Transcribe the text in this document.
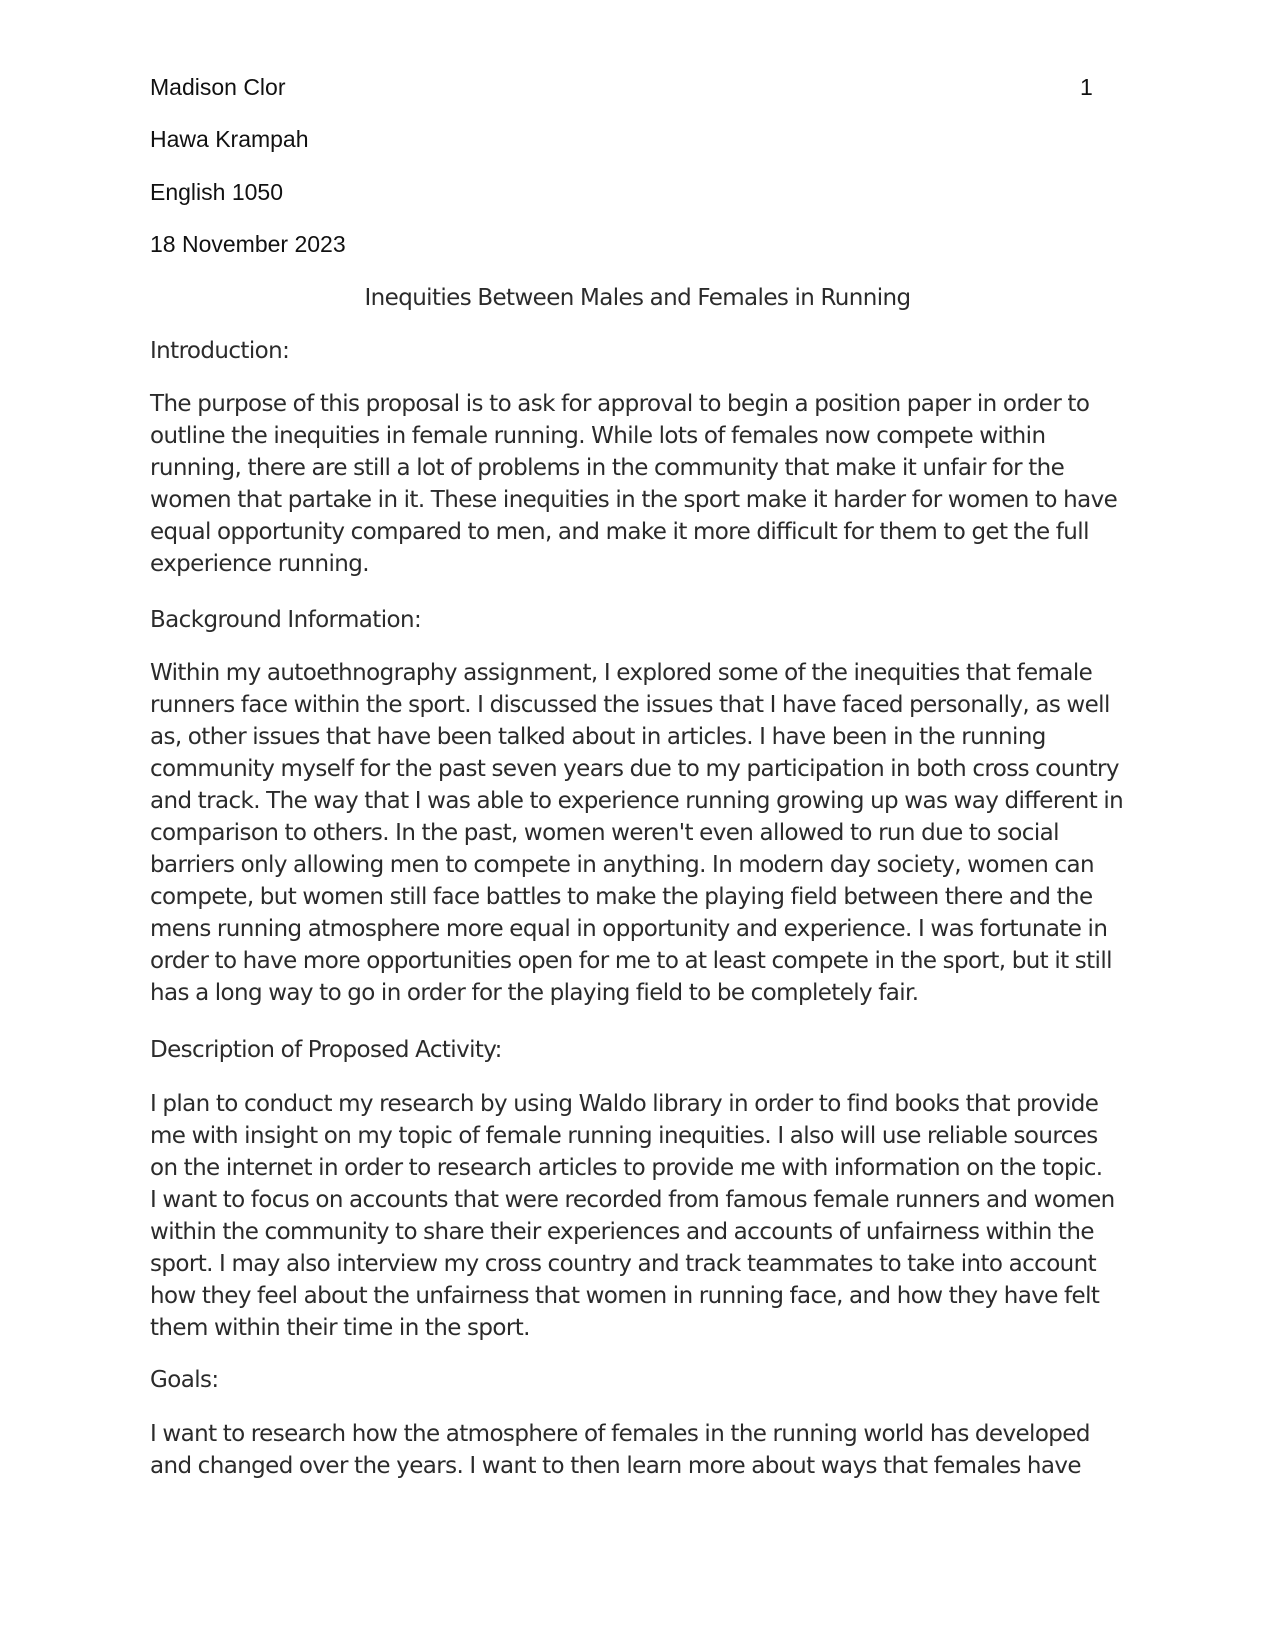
Madison Clor	1
Hawa Krampah
English 1050
18 November 2023
Inequities Between Males and Females in Running
Introduction:
The purpose of this proposal is to ask for approval to begin a position paper in order to
outline the inequities in female running. While lots of females now compete within
running, there are still a lot of problems in the community that make it unfair for the
women that partake in it. These inequities in the sport make it harder for women to have
equal opportunity compared to men, and make it more difficult for them to get the full
experience running.
Background Information:
Within my autoethnography assignment, I explored some of the inequities that female
runners face within the sport. I discussed the issues that I have faced personally, as well
as, other issues that have been talked about in articles. I have been in the running
community myself for the past seven years due to my participation in both cross country
and track. The way that I was able to experience running growing up was way different in
comparison to others. In the past, women weren't even allowed to run due to social
barriers only allowing men to compete in anything. In modern day society, women can
compete, but women still face battles to make the playing field between there and the
mens running atmosphere more equal in opportunity and experience. I was fortunate in
order to have more opportunities open for me to at least compete in the sport, but it still
has a long way to go in order for the playing field to be completely fair.
Description of Proposed Activity:
I plan to conduct my research by using Waldo library in order to find books that provide
me with insight on my topic of female running inequities. I also will use reliable sources
on the internet in order to research articles to provide me with information on the topic.
I want to focus on accounts that were recorded from famous female runners and women
within the community to share their experiences and accounts of unfairness within the
sport. I may also interview my cross country and track teammates to take into account
how they feel about the unfairness that women in running face, and how they have felt
them within their time in the sport.
Goals:
I want to research how the atmosphere of females in the running world has developed
and changed over the years. I want to then learn more about ways that females have
